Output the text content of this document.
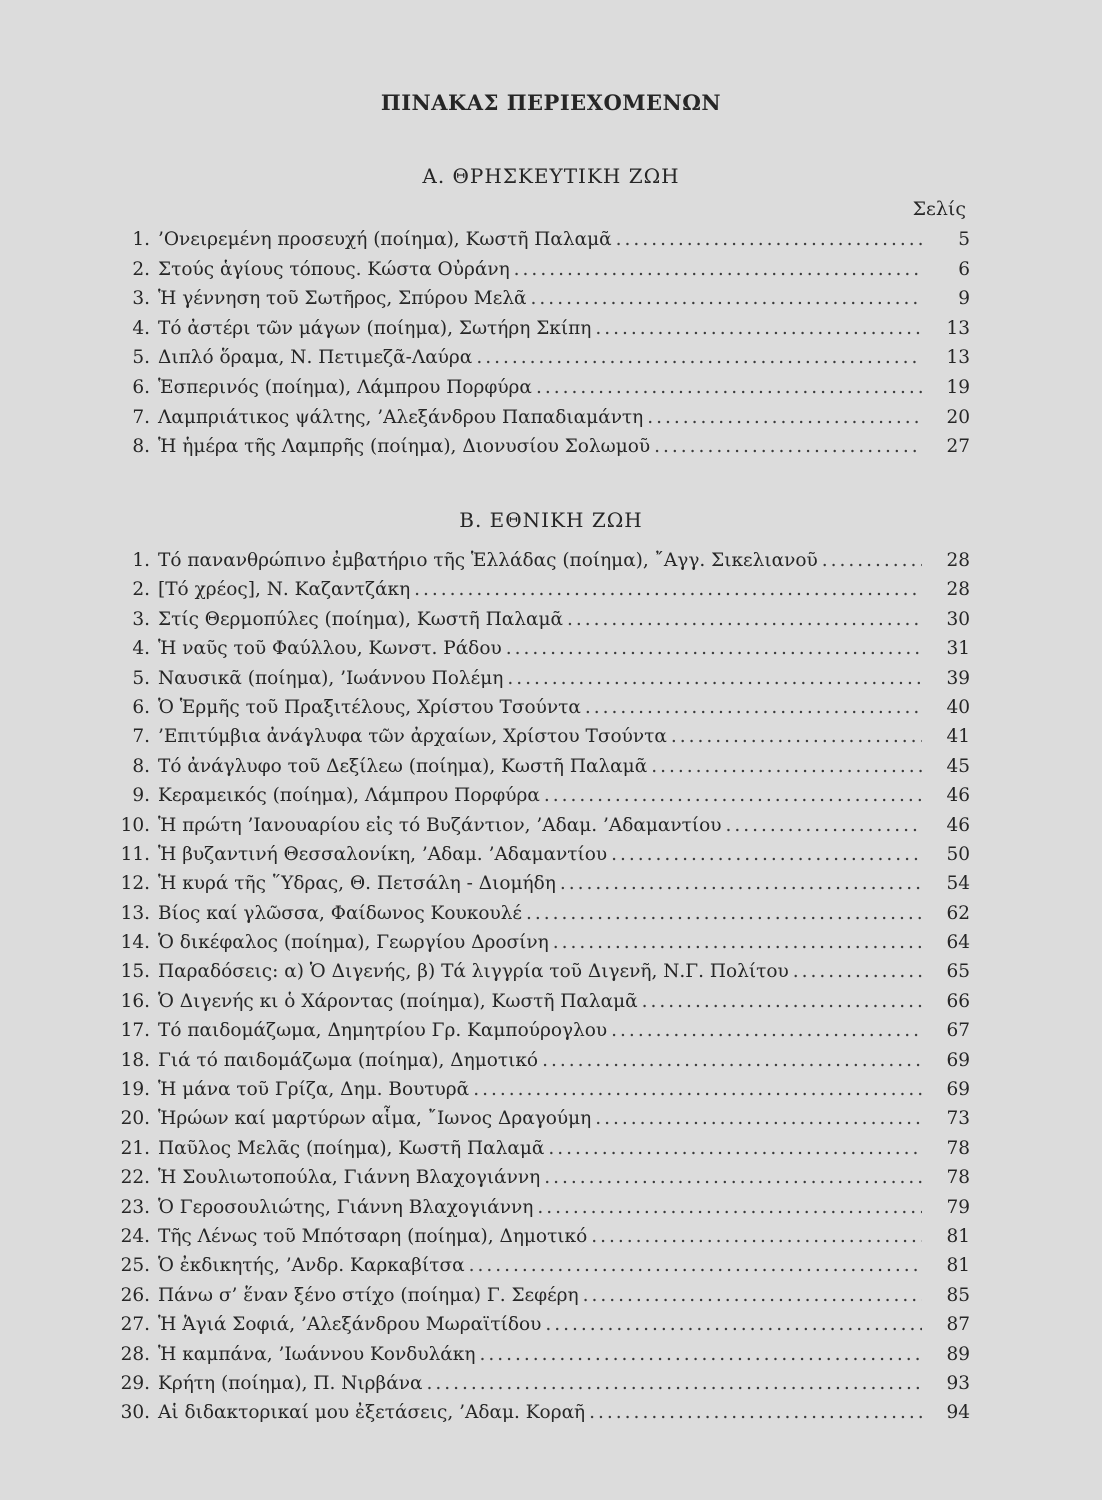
ΠΙΝΑΚΑΣ ΠΕΡΙΕΧΟΜΕΝΩΝ
Α. ΘΡΗΣΚΕΥΤΙΚΗ ΖΩΗ
Σελίς
1. ’Ονειρεμένη προσευχή (ποίημα), Κωστῆ Παλαμᾶ .....	5
2. Στούς ἁγίους τόπους. Κώστα Οὐράνη .....	6
3. Ἡ γέννηση τοῦ Σωτῆρος, Σπύρου Μελᾶ .....	9
4. Τό ἀστέρι τῶν μάγων (ποίημα), Σωτήρη Σκίπη .....	13
5. Διπλό ὅραμα, Ν. Πετιμεζᾶ-Λαύρα .....	13
6. Ἑσπερινός (ποίημα), Λάμπρου Πορφύρα .....	19
7. Λαμπριάτικος ψάλτης, ’Αλεξάνδρου Παπαδιαμάντη .....	20
8. Ἡ ἡμέρα τῆς Λαμπρῆς (ποίημα), Διονυσίου Σολωμοῦ .....	27
Β. ΕΘΝΙΚΗ ΖΩΗ
1. Τό πανανθρώπινο ἐμβατήριο τῆς Ἑλλάδας (ποίημα), ῎Αγγ. Σικελιανοῦ .....	28
2. [Τό χρέος], Ν. Καζαντζάκη .....	28
3. Στίς Θερμοπύλες (ποίημα), Κωστῆ Παλαμᾶ .....	30
4. Ἡ ναῦς τοῦ Φαύλλου, Κωνστ. Ράδου .....	31
5. Ναυσικᾶ (ποίημα), ’Ιωάννου Πολέμη .....	39
6. Ὁ Ἑρμῆς τοῦ Πραξιτέλους, Χρίστου Τσούντα .....	40
7. ’Επιτύμβια ἀνάγλυφα τῶν ἀρχαίων, Χρίστου Τσούντα .....	41
8. Τό ἀνάγλυφο τοῦ Δεξίλεω (ποίημα), Κωστῆ Παλαμᾶ .....	45
9. Κεραμεικός (ποίημα), Λάμπρου Πορφύρα .....	46
10. Ἡ πρώτη ’Ιανουαρίου εἰς τό Βυζάντιον, ’Αδαμ. ’Αδαμαντίου .....	46
11. Ἡ βυζαντινή Θεσσαλονίκη, ’Αδαμ. ’Αδαμαντίου .....	50
12. Ἡ κυρά τῆς ῞Υδρας, Θ. Πετσάλη - Διομήδη .....	54
13. Βίος καί γλῶσσα, Φαίδωνος Κουκουλέ .....	62
14. Ὁ δικέφαλος (ποίημα), Γεωργίου Δροσίνη .....	64
15. Παραδόσεις: α) Ὁ Διγενής, β) Τά λιγγρία τοῦ Διγενῆ, Ν.Γ. Πολίτου .....	65
16. Ὁ Διγενής κι ὁ Χάροντας (ποίημα), Κωστῆ Παλαμᾶ .....	66
17. Τό παιδομάζωμα, Δημητρίου Γρ. Καμπούρογλου .....	67
18. Γιά τό παιδομάζωμα (ποίημα), Δημοτικό .....	69
19. Ἡ μάνα τοῦ Γρίζα, Δημ. Βουτυρᾶ .....	69
20. Ἡρώων καί μαρτύρων αἷμα, ῎Ιωνος Δραγούμη .....	73
21. Παῦλος Μελᾶς (ποίημα), Κωστῆ Παλαμᾶ .....	78
22. Ἡ Σουλιωτοπούλα, Γιάννη Βλαχογιάννη .....	78
23. Ὁ Γεροσουλιώτης, Γιάννη Βλαχογιάννη .....	79
24. Τῆς Λένως τοῦ Μπότσαρη (ποίημα), Δημοτικό .....	81
25. Ὁ ἐκδικητής, ’Ανδρ. Καρκαβίτσα .....	81
26. Πάνω σ’ ἕναν ξένο στίχο (ποίημα) Γ. Σεφέρη .....	85
27. Ἡ Ἁγιά Σοφιά, ’Αλεξάνδρου Μωραϊτίδου .....	87
28. Ἡ καμπάνα, ’Ιωάννου Κονδυλάκη .....	89
29. Κρήτη (ποίημα), Π. Νιρβάνα .....	93
30. Αἱ διδακτορικαί μου ἐξετάσεις, ’Αδαμ. Κοραῆ .....	94
